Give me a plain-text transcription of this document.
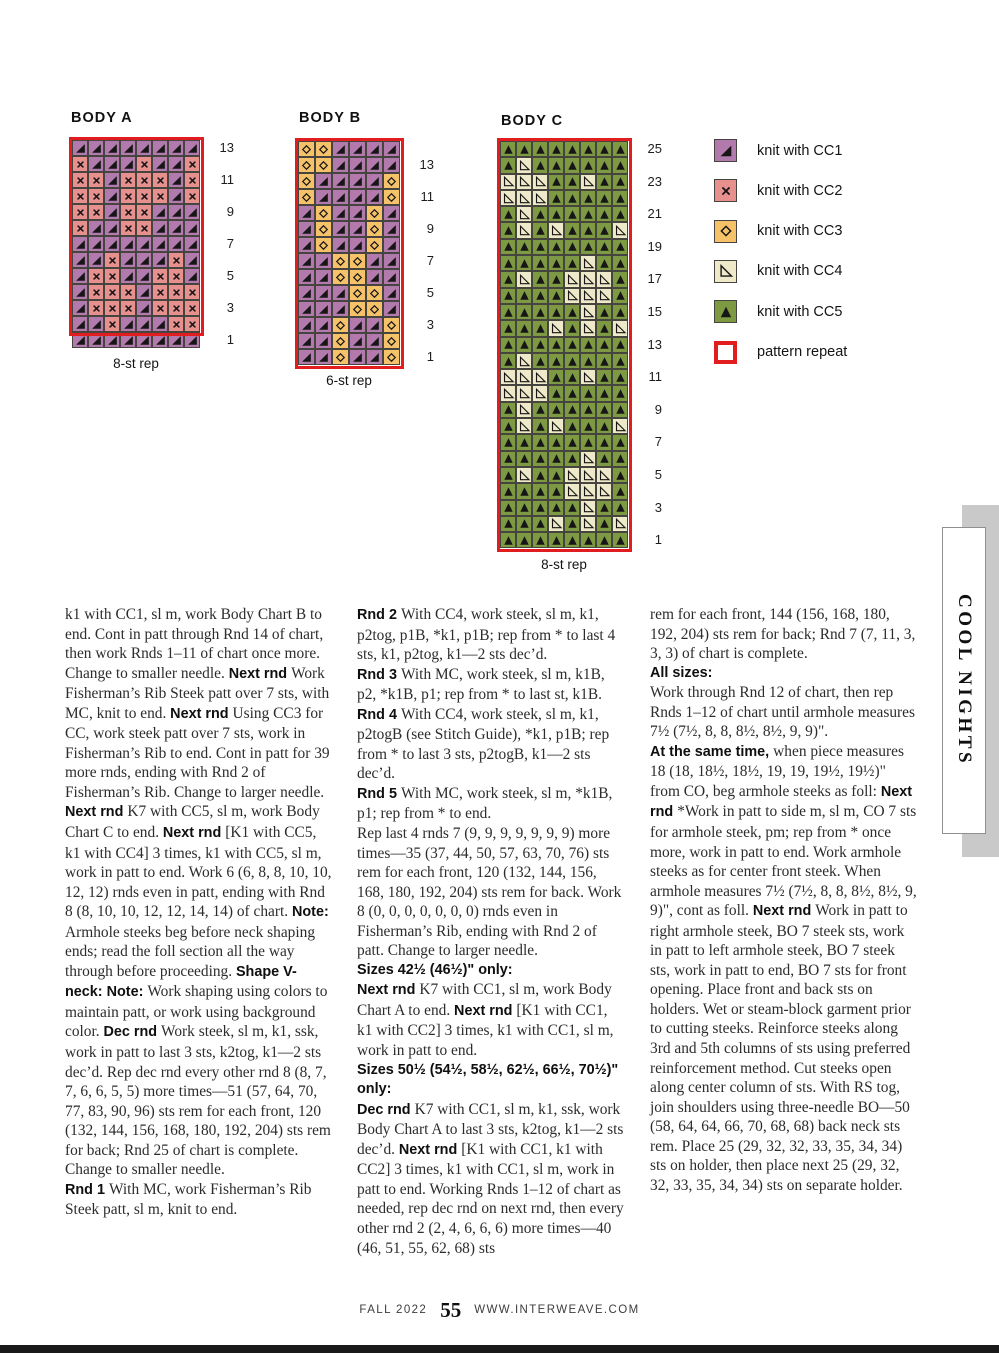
BODY A
13
11
9
7
5
3
1
8-st rep
BODY B
13
11
9
7
5
3
1
6-st rep
BODY C
25
23
21
19
17
15
13
11
9
7
5
3
1
8-st rep
knit with CC1
knit with CC2
knit with CC3
knit with CC4
knit with CC5
pattern repeat

k1 with CC1, sl m, work Body Chart B to end. Cont in patt through Rnd 14 of chart, then work Rnds 1–11 of chart once more. Change to smaller needle. Next rnd Work Fisherman’s Rib Steek patt over 7 sts, with MC, knit to end. Next rnd Using CC3 for CC, work steek patt over 7 sts, work in Fisherman’s Rib to end. Cont in patt for 39 more rnds, ending with Rnd 2 of Fisherman’s Rib. Change to larger needle. Next rnd K7 with CC5, sl m, work Body Chart C to end. Next rnd [K1 with CC5, k1 with CC4] 3 times, k1 with CC5, sl m, work in patt to end. Work 6 (6, 8, 8, 10, 10, 12, 12) rnds even in patt, ending with Rnd 8 (8, 10, 10, 12, 12, 14, 14) of chart. Note: Armhole steeks beg before neck shaping ends; read the foll section all the way through before proceeding. Shape V-neck: Note: Work shaping using colors to maintain patt, or work using background color. Dec rnd Work steek, sl m, k1, ssk, work in patt to last 3 sts, k2tog, k1—2 sts dec’d. Rep dec rnd every other rnd 8 (8, 7, 7, 6, 6, 5, 5) more times—51 (57, 64, 70, 77, 83, 90, 96) sts rem for each front, 120 (132, 144, 156, 168, 180, 192, 204) sts rem for back; Rnd 25 of chart is complete. Change to smaller needle.

Rnd 1 With MC, work Fisherman’s Rib Steek patt, sl m, knit to end.

Rnd 2 With CC4, work steek, sl m, k1, p2tog, p1B, *k1, p1B; rep from * to last 4 sts, k1, p2tog, k1—2 sts dec’d.

Rnd 3 With MC, work steek, sl m, k1B, p2, *k1B, p1; rep from * to last st, k1B.

Rnd 4 With CC4, work steek, sl m, k1, p2togB (see Stitch Guide), *k1, p1B; rep from * to last 3 sts, p2togB, k1—2 sts dec’d.

Rnd 5 With MC, work steek, sl m, *k1B, p1; rep from * to end.

Rep last 4 rnds 7 (9, 9, 9, 9, 9, 9, 9) more times—35 (37, 44, 50, 57, 63, 70, 76) sts rem for each front, 120 (132, 144, 156, 168, 180, 192, 204) sts rem for back. Work 8 (0, 0, 0, 0, 0, 0, 0) rnds even in Fisherman’s Rib, ending with Rnd 2 of patt. Change to larger needle.

Sizes 42½ (46½)" only:

Next rnd K7 with CC1, sl m, work Body Chart A to end. Next rnd [K1 with CC1, k1 with CC2] 3 times, k1 with CC1, sl m, work in patt to end.

Sizes 50½ (54½, 58½, 62½, 66½, 70½)" only:

Dec rnd K7 with CC1, sl m, k1, ssk, work Body Chart A to last 3 sts, k2tog, k1—2 sts dec’d. Next rnd [K1 with CC1, k1 with CC2] 3 times, k1 with CC1, sl m, work in patt to end. Working Rnds 1–12 of chart as needed, rep dec rnd on next rnd, then every other rnd 2 (2, 4, 6, 6, 6) more times—40 (46, 51, 55, 62, 68) sts

rem for each front, 144 (156, 168, 180, 192, 204) sts rem for back; Rnd 7 (7, 11, 3, 3, 3) of chart is complete.

All sizes:

Work through Rnd 12 of chart, then rep Rnds 1–12 of chart until armhole measures 7½ (7½, 8, 8, 8½, 8½, 9, 9)".

At the same time, when piece measures 18 (18, 18½, 18½, 19, 19, 19½, 19½)" from CO, beg armhole steeks as foll: Next rnd *Work in patt to side m, sl m, CO 7 sts for armhole steek, pm; rep from * once more, work in patt to end. Work armhole steeks as for center front steek. When armhole measures 7½ (7½, 8, 8, 8½, 8½, 9, 9)", cont as foll. Next rnd Work in patt to right armhole steek, BO 7 steek sts, work in patt to left armhole steek, BO 7 steek sts, work in patt to end, BO 7 sts for front opening. Place front and back sts on holders. Wet or steam-block garment prior to cutting steeks. Reinforce steeks along 3rd and 5th columns of sts using preferred reinforcement method. Cut steeks open along center column of sts. With RS tog, join shoulders using three-needle BO—50 (58, 64, 64, 66, 70, 68, 68) back neck sts rem. Place 25 (29, 32, 32, 33, 35, 34, 34) sts on holder, then place next 25 (29, 32, 32, 33, 35, 34, 34) sts on separate holder.

COOL NIGHTS
FALL 2022 55 WWW.INTERWEAVE.COM
